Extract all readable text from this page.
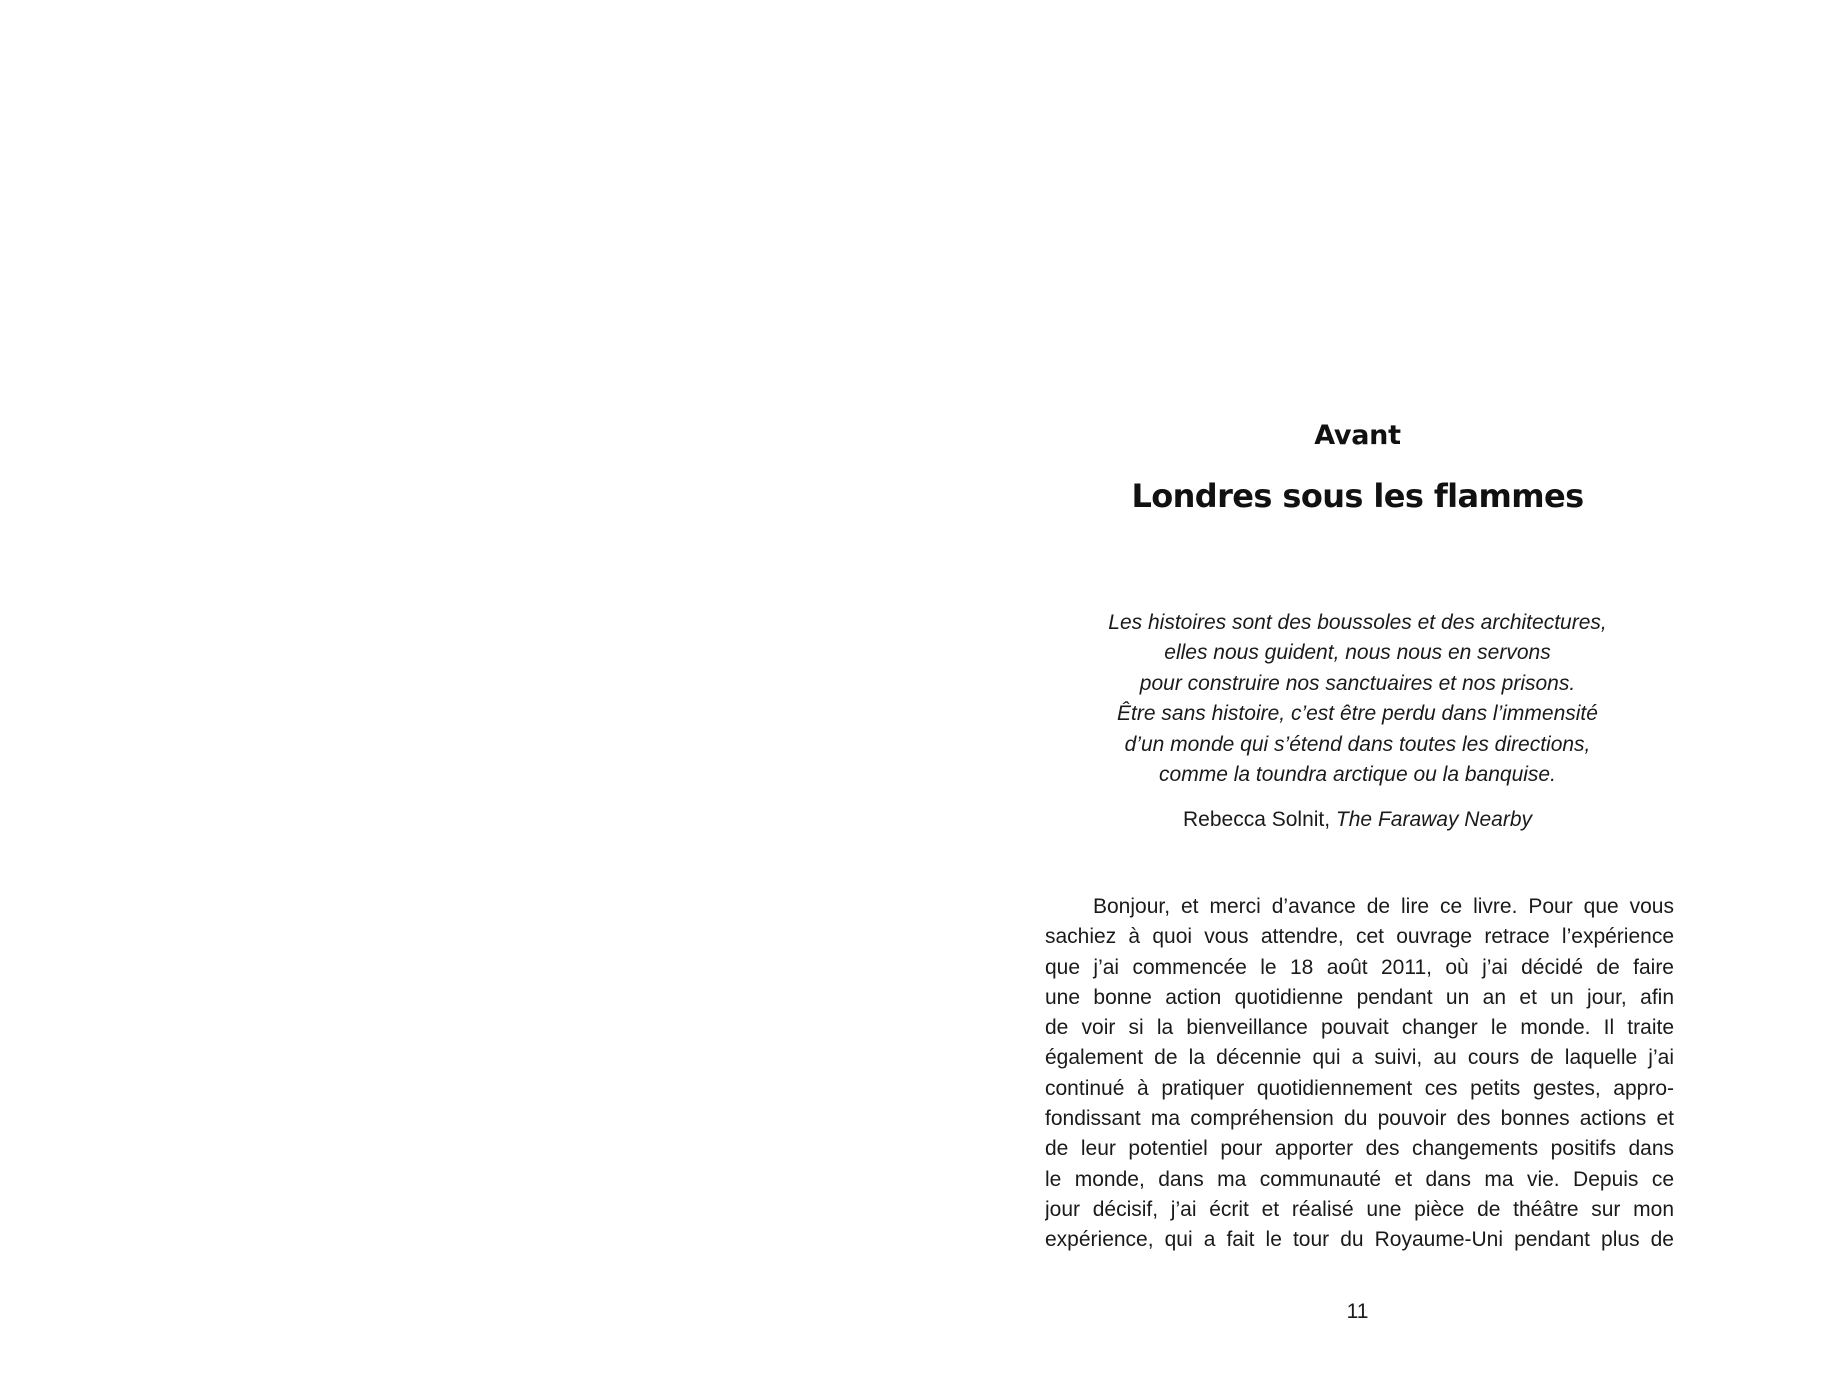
Avant
Londres sous les flammes
Les histoires sont des boussoles et des architectures,
elles nous guident, nous nous en servons
pour construire nos sanctuaires et nos prisons.
Être sans histoire, c’est être perdu dans l’immensité
d’un monde qui s’étend dans toutes les directions,
comme la toundra arctique ou la banquise.
Rebecca Solnit, The Faraway Nearby
Bonjour, et merci d’avance de lire ce livre. Pour que vous
sachiez à quoi vous attendre, cet ouvrage retrace l’expérience
que j’ai commencée le 18 août 2011, où j’ai décidé de faire
une bonne action quotidienne pendant un an et un jour, afin
de voir si la bienveillance pouvait changer le monde. Il traite
également de la décennie qui a suivi, au cours de laquelle j’ai
continué à pratiquer quotidiennement ces petits gestes, appro-
fondissant ma compréhension du pouvoir des bonnes actions et
de leur potentiel pour apporter des changements positifs dans
le monde, dans ma communauté et dans ma vie. Depuis ce
jour décisif, j’ai écrit et réalisé une pièce de théâtre sur mon
expérience, qui a fait le tour du Royaume-Uni pendant plus de
11
